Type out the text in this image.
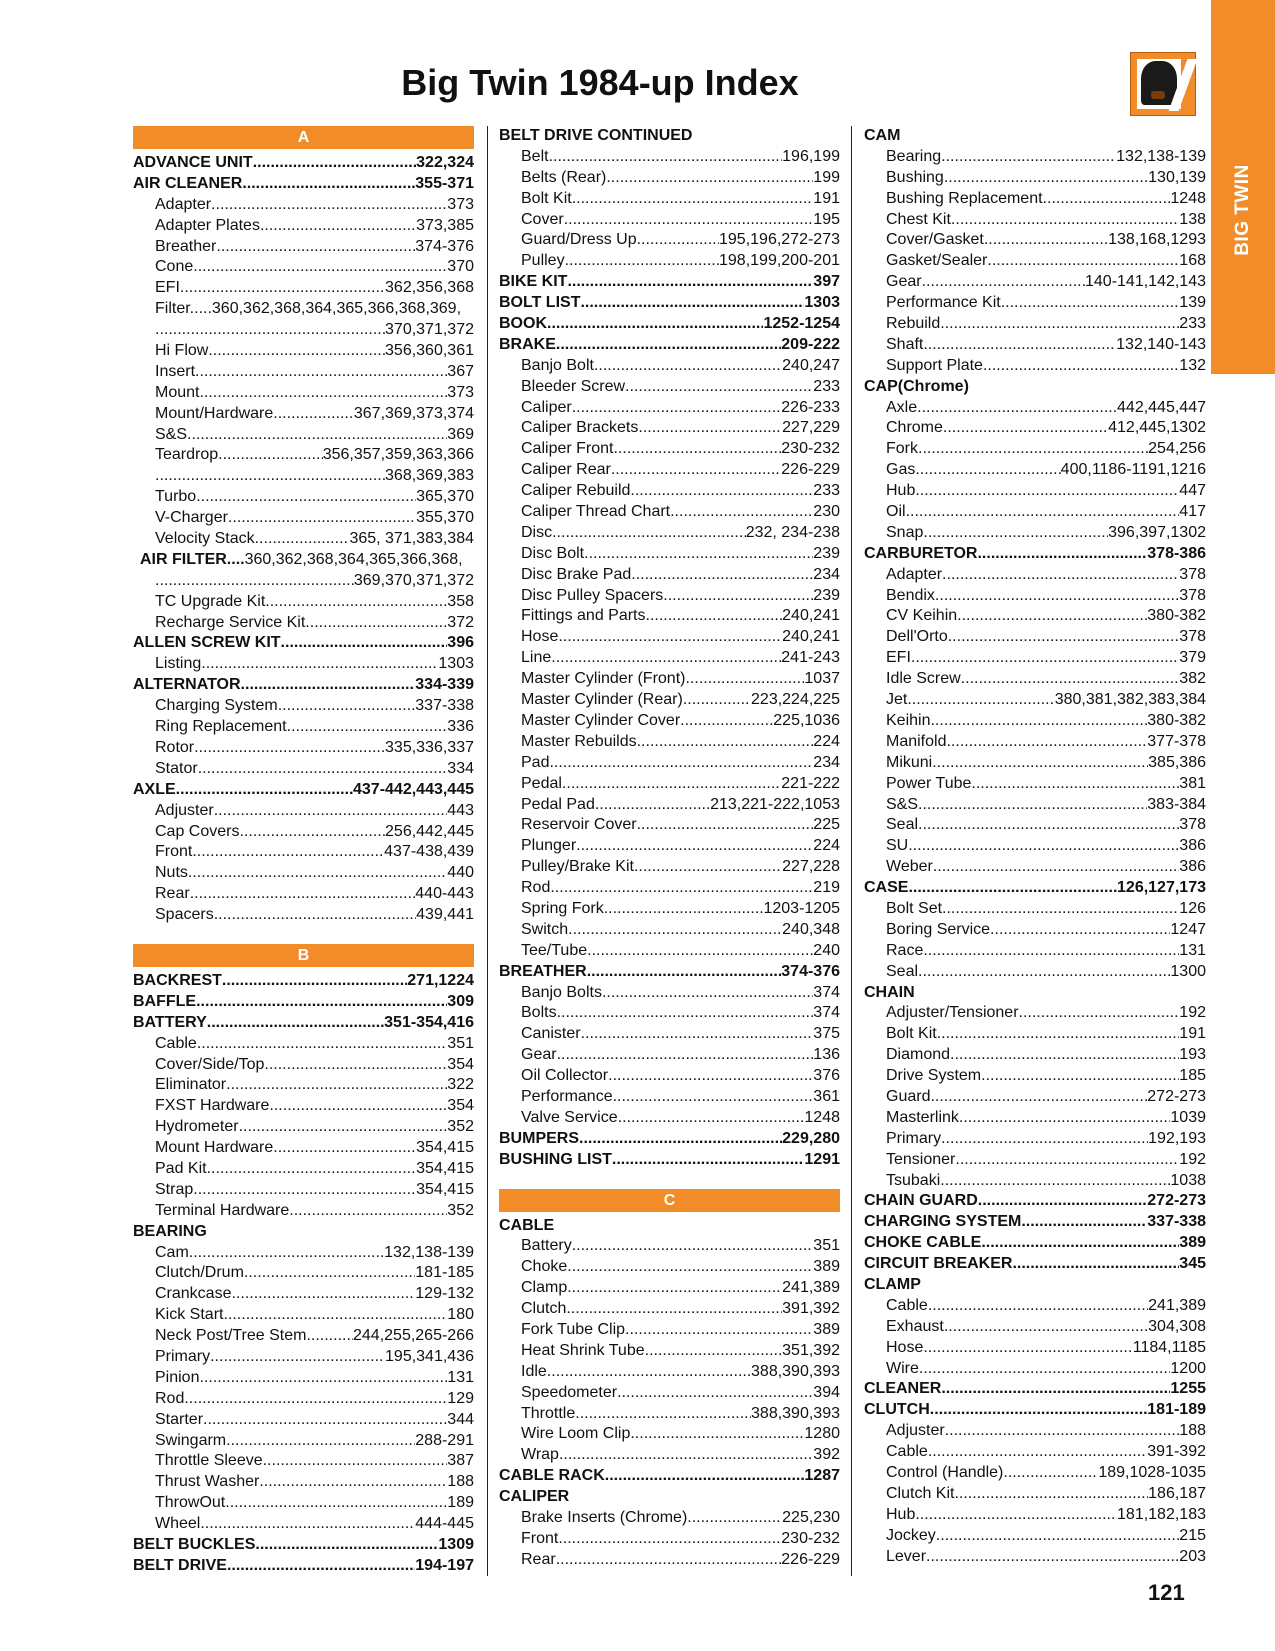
BIG TWIN
Big Twin 1984-up Index
A
ADVANCE UNIT .....	322,324
AIR CLEANER .....	355-371
Adapter .....	373
Adapter Plates .....	373,385
Breather .....	374-376
Cone .....	370
EFI .....	362,356,368
Filter.....360,362,368,364,365,366,368,369,
.....
370,371,372
Hi Flow .....	356,360,361
Insert .....	367
Mount .....	373
Mount/Hardware .....	367,369,373,374
S&S .....	369
Teardrop .....	356,357,359,363,366
.....
368,369,383
Turbo .....	365,370
V-Charger .....	355,370
Velocity Stack .....	365, 371,383,384
AIR FILTER.... 360,362,368,364,365,366,368,
.....
369,370,371,372
TC Upgrade Kit .....	358
Recharge Service Kit .....	372
ALLEN SCREW KIT .....	396
Listing .....	1303
ALTERNATOR .....	334-339
Charging System .....	337-338
Ring Replacement .....	336
Rotor .....	335,336,337
Stator .....	334
AXLE .....	437-442,443,445
Adjuster .....	443
Cap Covers .....	256,442,445
Front .....	437-438,439
Nuts .....	440
Rear .....	440-443
Spacers .....	439,441
B
BACKREST .....	271,1224
BAFFLE .....	309
BATTERY .....	351-354,416
Cable .....	351
Cover/Side/Top .....	354
Eliminator .....	322
FXST Hardware .....	354
Hydrometer .....	352
Mount Hardware .....	354,415
Pad Kit .....	354,415
Strap .....	354,415
Terminal Hardware .....	352
BEARING
Cam .....	132,138-139
Clutch/Drum .....	181-185
Crankcase .....	129-132
Kick Start .....	180
Neck Post/Tree Stem .....	244,255,265-266
Primary .....	195,341,436
Pinion .....	131
Rod .....	129
Starter .....	344
Swingarm .....	288-291
Throttle Sleeve .....	387
Thrust Washer .....	188
ThrowOut .....	189
Wheel .....	444-445
BELT BUCKLES .....	1309
BELT DRIVE .....	194-197
BELT DRIVE CONTINUED
Belt .....	196,199
Belts (Rear) .....	199
Bolt Kit .....	191
Cover .....	195
Guard/Dress Up .....	195,196,272-273
Pulley .....	198,199,200-201
BIKE KIT .....	397
BOLT LIST .....	1303
BOOK .....	1252-1254
BRAKE .....	209-222
Banjo Bolt .....	240,247
Bleeder Screw .....	233
Caliper .....	226-233
Caliper Brackets .....	227,229
Caliper Front .....	230-232
Caliper Rear .....	226-229
Caliper Rebuild .....	233
Caliper Thread Chart .....	230
Disc .....	232, 234-238
Disc Bolt .....	239
Disc Brake Pad .....	234
Disc Pulley Spacers .....	239
Fittings and Parts .....	240,241
Hose .....	240,241
Line .....	241-243
Master Cylinder (Front) .....	1037
Master Cylinder (Rear) .....	223,224,225
Master Cylinder Cover .....	225,1036
Master Rebuilds .....	224
Pad .....	234
Pedal .....	221-222
Pedal Pad .....	213,221-222,1053
Reservoir Cover .....	225
Plunger .....	224
Pulley/Brake Kit .....	227,228
Rod .....	219
Spring Fork .....	1203-1205
Switch .....	240,348
Tee/Tube .....	240
BREATHER .....	374-376
Banjo Bolts .....	374
Bolts .....	374
Canister .....	375
Gear .....	136
Oil Collector .....	376
Performance .....	361
Valve Service .....	1248
BUMPERS .....	229,280
BUSHING LIST .....	1291
C
CABLE
Battery .....	351
Choke .....	389
Clamp .....	241,389
Clutch .....	391,392
Fork Tube Clip .....	389
Heat Shrink Tube .....	351,392
Idle .....	388,390,393
Speedometer .....	394
Throttle .....	388,390,393
Wire Loom Clip .....	1280
Wrap .....	392
CABLE RACK .....	1287
CALIPER
Brake Inserts (Chrome) .....	225,230
Front .....	230-232
Rear .....	226-229
CAM
Bearing .....	132,138-139
Bushing .....	130,139
Bushing Replacement .....	1248
Chest Kit .....	138
Cover/Gasket .....	138,168,1293
Gasket/Sealer .....	168
Gear .....	140-141,142,143
Performance Kit .....	139
Rebuild .....	233
Shaft .....	132,140-143
Support Plate .....	132
CAP(Chrome)
Axle .....	442,445,447
Chrome .....	412,445,1302
Fork .....	254,256
Gas .....	400,1186-1191,1216
Hub .....	447
Oil .....	417
Snap .....	396,397,1302
CARBURETOR .....	378-386
Adapter .....	378
Bendix .....	378
CV Keihin .....	380-382
Dell'Orto .....	378
EFI .....	379
Idle Screw .....	382
Jet .....	380,381,382,383,384
Keihin .....	380-382
Manifold .....	377-378
Mikuni .....	385,386
Power Tube .....	381
S&S .....	383-384
Seal .....	378
SU .....	386
Weber .....	386
CASE .....	126,127,173
Bolt Set .....	126
Boring Service .....	1247
Race .....	131
Seal .....	1300
CHAIN
Adjuster/Tensioner .....	192
Bolt Kit .....	191
Diamond .....	193
Drive System .....	185
Guard .....	272-273
Masterlink .....	1039
Primary .....	192,193
Tensioner .....	192
Tsubaki .....	1038
CHAIN GUARD .....	272-273
CHARGING SYSTEM .....	337-338
CHOKE CABLE .....	389
CIRCUIT BREAKER .....	345
CLAMP
Cable .....	241,389
Exhaust .....	304,308
Hose .....	1184,1185
Wire .....	1200
CLEANER .....	1255
CLUTCH .....	181-189
Adjuster .....	188
Cable .....	391-392
Control (Handle) .....	189,1028-1035
Clutch Kit .....	186,187
Hub .....	181,182,183
Jockey .....	215
Lever .....	203
121
